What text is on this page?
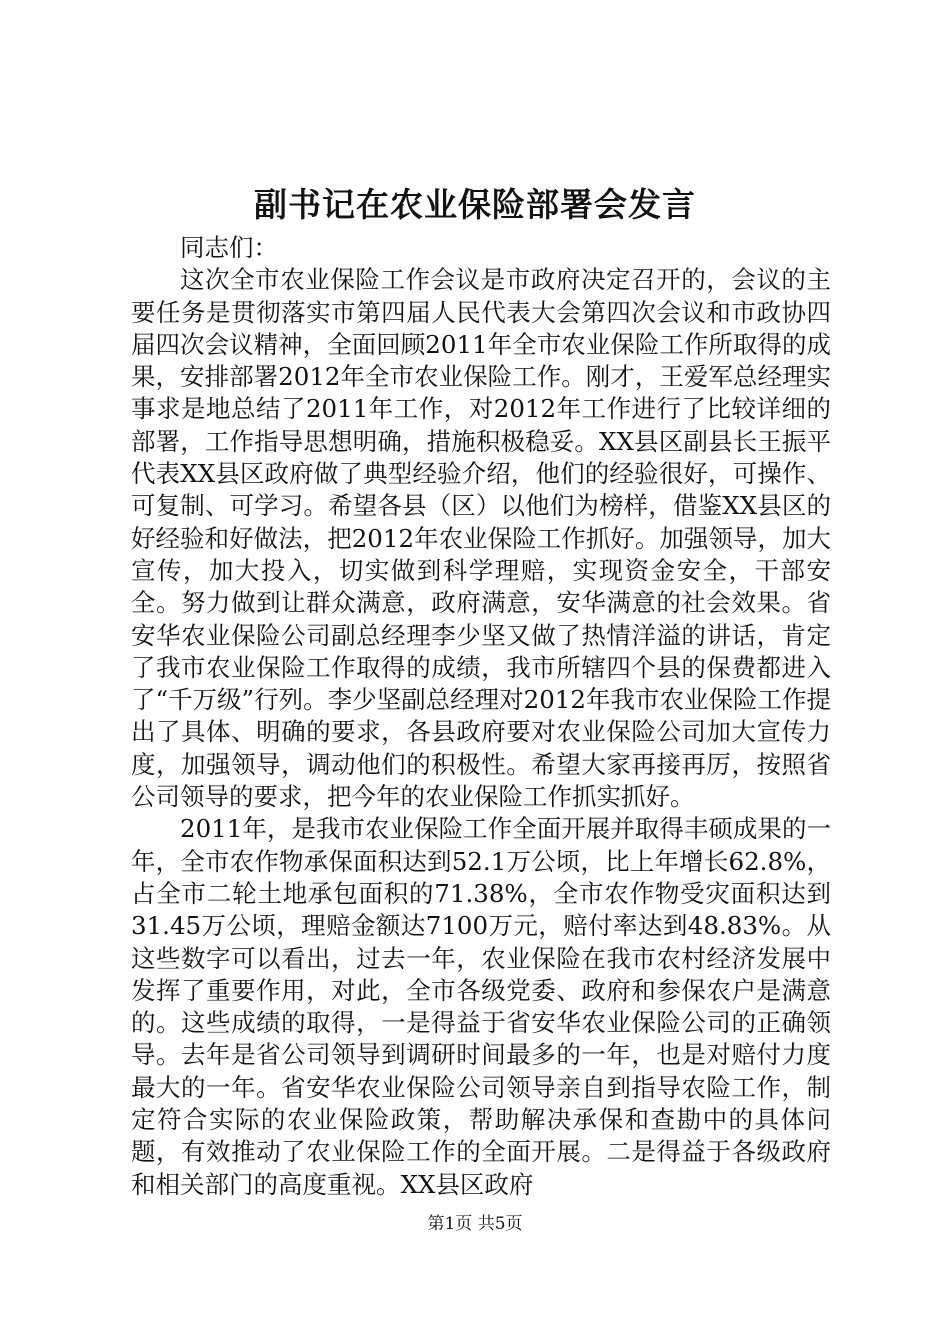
副书记在农业保险部署会发言

同志们：

这次全市农业保险工作会议是市政府决定召开的，会议的主要任务是贯彻落实市第四届人民代表大会第四次会议和市政协四届四次会议精神，全面回顾2011年全市农业保险工作所取得的成果，安排部署2012年全市农业保险工作。刚才，王爱军总经理实事求是地总结了2011年工作，对2012年工作进行了比较详细的部署，工作指导思想明确，措施积极稳妥。XX县区副县长王振平代表XX县区政府做了典型经验介绍，他们的经验很好，可操作、可复制、可学习。希望各县（区）以他们为榜样，借鉴XX县区的好经验和好做法，把2012年农业保险工作抓好。加强领导，加大宣传，加大投入，切实做到科学理赔，实现资金安全，干部安全。努力做到让群众满意，政府满意，安华满意的社会效果。省安华农业保险公司副总经理李少坚又做了热情洋溢的讲话，肯定了我市农业保险工作取得的成绩，我市所辖四个县的保费都进入了“千万级”行列。李少坚副总经理对2012年我市农业保险工作提出了具体、明确的要求，各县政府要对农业保险公司加大宣传力度，加强领导，调动他们的积极性。希望大家再接再厉，按照省公司领导的要求，把今年的农业保险工作抓实抓好。

2011年，是我市农业保险工作全面开展并取得丰硕成果的一年，全市农作物承保面积达到52.1万公顷，比上年增长62.8%，占全市二轮土地承包面积的71.38%，全市农作物受灾面积达到31.45万公顷，理赔金额达7100万元，赔付率达到48.83%。从这些数字可以看出，过去一年，农业保险在我市农村经济发展中发挥了重要作用，对此，全市各级党委、政府和参保农户是满意的。这些成绩的取得，一是得益于省安华农业保险公司的正确领导。去年是省公司领导到调研时间最多的一年，也是对赔付力度最大的一年。省安华农业保险公司领导亲自到指导农险工作，制定符合实际的农业保险政策，帮助解决承保和查勘中的具体问题，有效推动了农业保险工作的全面开展。二是得益于各级政府和相关部门的高度重视。XX县区政府

第1页 共5页
